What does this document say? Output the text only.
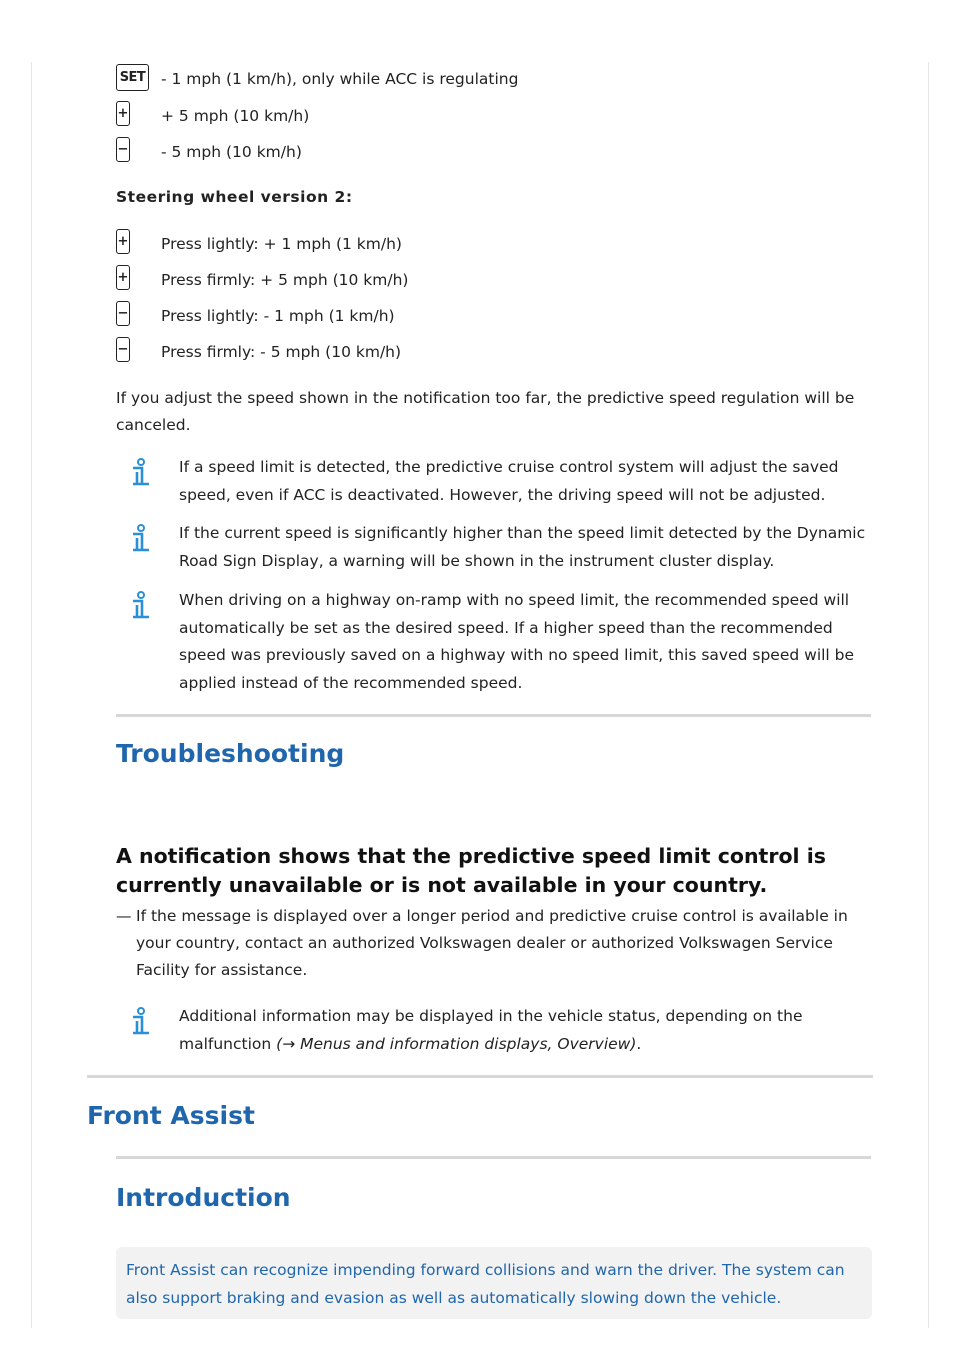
SET - 1 mph (1 km/h), only while ACC is regulating
+ + 5 mph (10 km/h)
− - 5 mph (10 km/h)
Steering wheel version 2:
+ Press lightly: + 1 mph (1 km/h)
+ Press firmly: + 5 mph (10 km/h)
− Press lightly: - 1 mph (1 km/h)
− Press firmly: - 5 mph (10 km/h)
If you adjust the speed shown in the notification too far, the predictive speed regulation will be canceled.
If a speed limit is detected, the predictive cruise control system will adjust the saved speed, even if ACC is deactivated. However, the driving speed will not be adjusted.
If the current speed is significantly higher than the speed limit detected by the Dynamic Road Sign Display, a warning will be shown in the instrument cluster display.
When driving on a highway on-ramp with no speed limit, the recommended speed will automatically be set as the desired speed. If a higher speed than the recommended speed was previously saved on a highway with no speed limit, this saved speed will be applied instead of the recommended speed.
Troubleshooting
A notification shows that the predictive speed limit control is currently unavailable or is not available in your country.
— If the message is displayed over a longer period and predictive cruise control is available in your country, contact an authorized Volkswagen dealer or authorized Volkswagen Service Facility for assistance.
Additional information may be displayed in the vehicle status, depending on the malfunction (→ Menus and information displays, Overview).
Front Assist
Introduction
Front Assist can recognize impending forward collisions and warn the driver. The system can also support braking and evasion as well as automatically slowing down the vehicle.
